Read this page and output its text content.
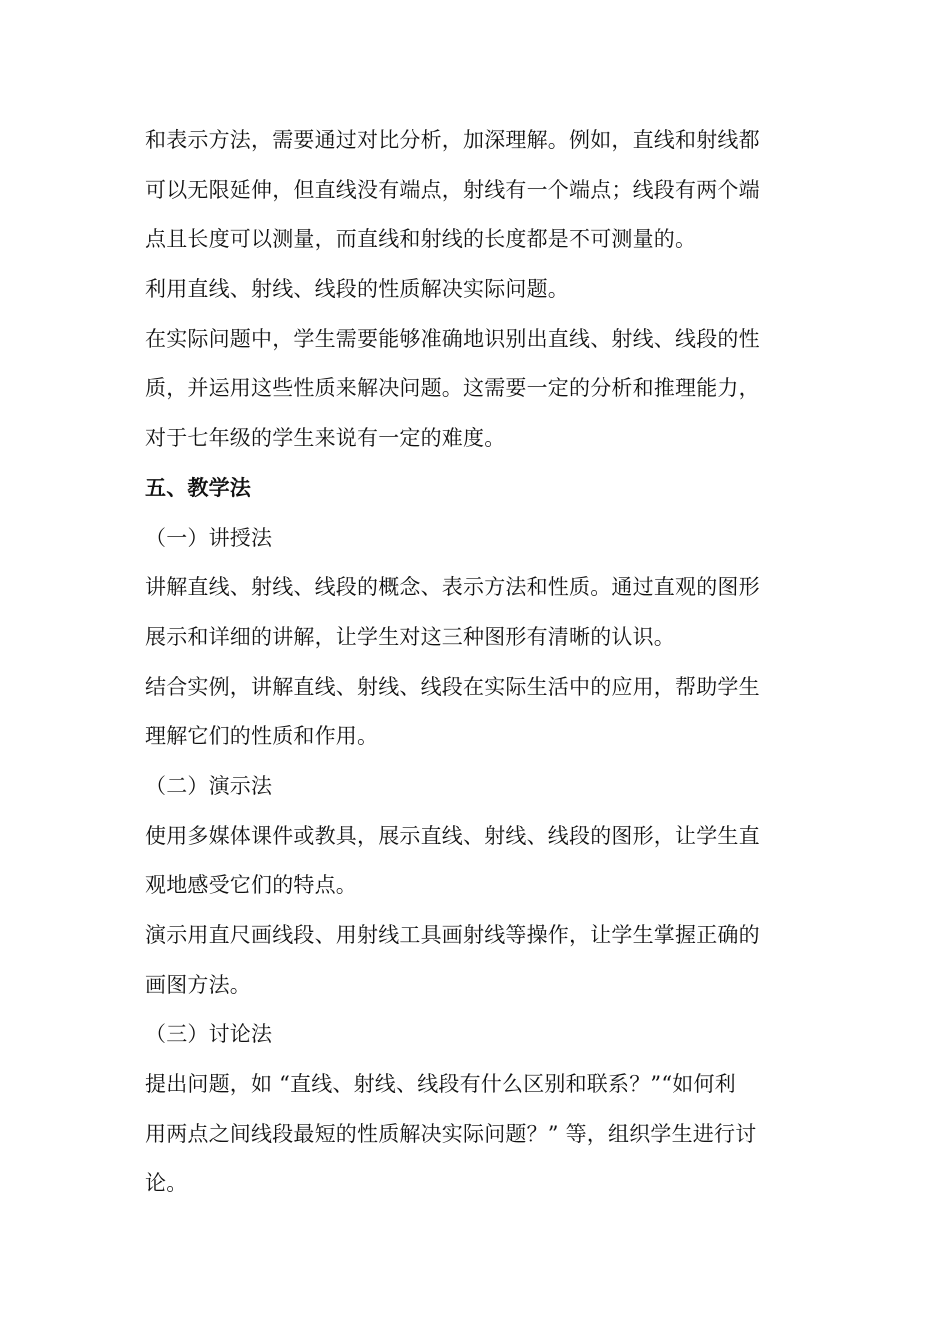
和表示方法，需要通过对比分析，加深理解。例如，直线和射线都
可以无限延伸，但直线没有端点，射线有一个端点；线段有两个端
点且长度可以测量，而直线和射线的长度都是不可测量的。
利用直线、射线、线段的性质解决实际问题。
在实际问题中，学生需要能够准确地识别出直线、射线、线段的性
质，并运用这些性质来解决问题。这需要一定的分析和推理能力，
对于七年级的学生来说有一定的难度。
五、教学法
（一）讲授法
讲解直线、射线、线段的概念、表示方法和性质。通过直观的图形
展示和详细的讲解，让学生对这三种图形有清晰的认识。
结合实例，讲解直线、射线、线段在实际生活中的应用，帮助学生
理解它们的性质和作用。
（二）演示法
使用多媒体课件或教具，展示直线、射线、线段的图形，让学生直
观地感受它们的特点。
演示用直尺画线段、用射线工具画射线等操作，让学生掌握正确的
画图方法。
（三）讨论法
提出问题，如 “直线、射线、线段有什么区别和联系？”“如何利
用两点之间线段最短的性质解决实际问题？” 等，组织学生进行讨
论。
